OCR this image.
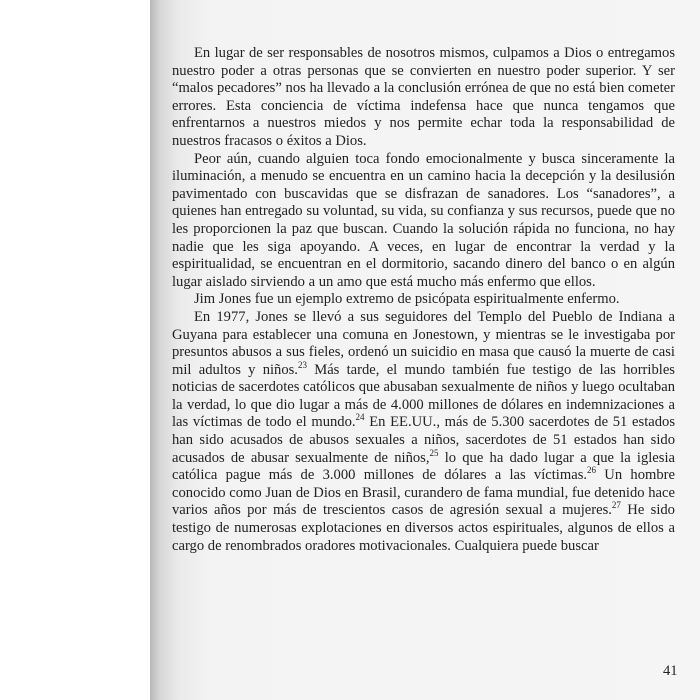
En lugar de ser responsables de nosotros mismos, culpamos a Dios o entregamos nuestro poder a otras personas que se convierten en nuestro poder superior. Y ser “malos pecadores” nos ha llevado a la conclusión errónea de que no está bien cometer errores. Esta conciencia de víctima indefensa hace que nunca tengamos que enfrentarnos a nuestros miedos y nos permite echar toda la responsabilidad de nuestros fracasos o éxitos a Dios.

Peor aún, cuando alguien toca fondo emocionalmente y busca sinceramente la iluminación, a menudo se encuentra en un camino hacia la decepción y la desilusión pavimentado con buscavidas que se disfrazan de sanadores. Los “sanadores”, a quienes han entregado su voluntad, su vida, su confianza y sus recursos, puede que no les proporcionen la paz que buscan. Cuando la solución rápida no funciona, no hay nadie que les siga apoyando. A veces, en lugar de encontrar la verdad y la espiritualidad, se encuentran en el dormitorio, sacando dinero del banco o en algún lugar aislado sirviendo a un amo que está mucho más enfermo que ellos.

Jim Jones fue un ejemplo extremo de psicópata espiritualmente enfermo.

En 1977, Jones se llevó a sus seguidores del Templo del Pueblo de Indiana a Guyana para establecer una comuna en Jonestown, y mientras se le investigaba por presuntos abusos a sus fieles, ordenó un suicidio en masa que causó la muerte de casi mil adultos y niños.$^{23}$ Más tarde, el mundo también fue testigo de las horribles noticias de sacerdotes católicos que abusaban sexualmente de niños y luego ocultaban la verdad, lo que dio lugar a más de 4.000 millones de dólares en indemnizaciones a las víctimas de todo el mundo.$^{24}$ En EE.UU., más de 5.300 sacerdotes de 51 estados han sido acusados de abusos sexuales a niños, sacerdotes de 51 estados han sido acusados de abusar sexualmente de niños,$^{25}$ lo que ha dado lugar a que la iglesia católica pague más de 3.000 millones de dólares a las víctimas.$^{26}$ Un hombre conocido como Juan de Dios en Brasil, curandero de fama mundial, fue detenido hace varios años por más de trescientos casos de agresión sexual a mujeres.$^{27}$ He sido testigo de numerosas explotaciones en diversos actos espirituales, algunos de ellos a cargo de renombrados oradores motivacionales. Cualquiera puede buscar

41
